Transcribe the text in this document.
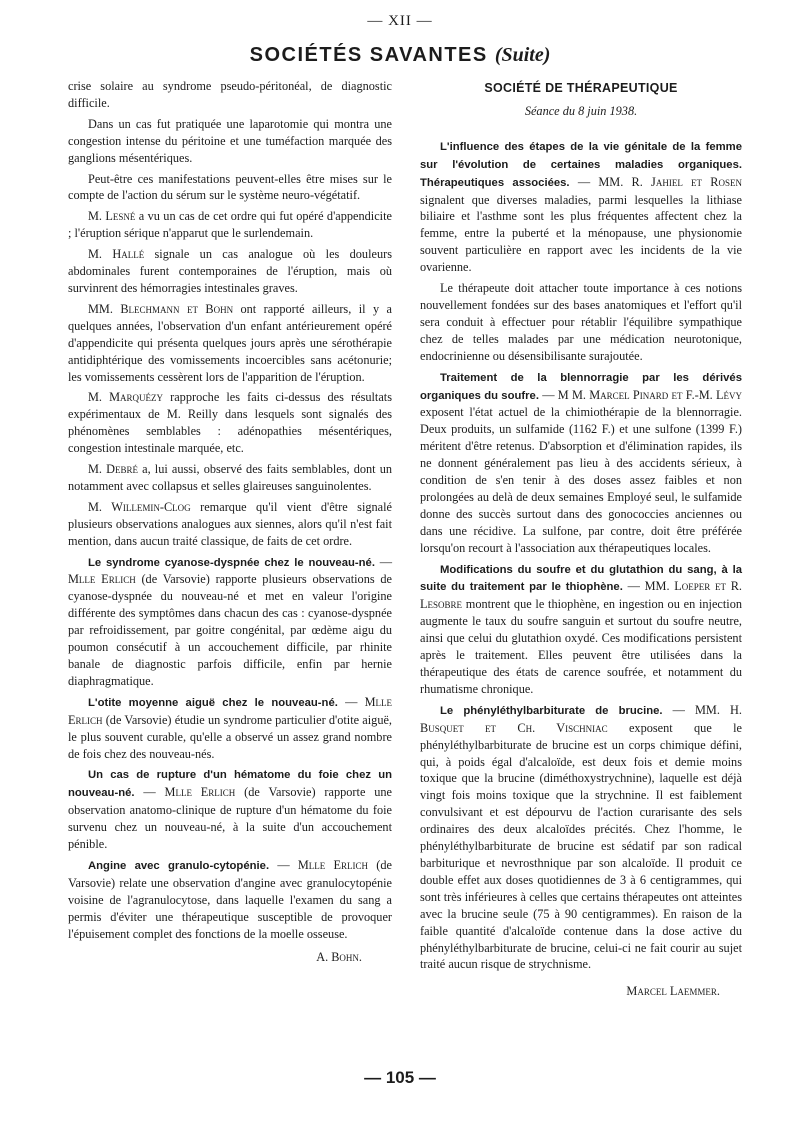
— XII —
SOCIÉTÉS SAVANTES (Suite)

crise solaire au syndrome pseudo-péritonéal, de diagnostic difficile.

Dans un cas fut pratiquée une laparotomie qui montra une congestion intense du péritoine et une tuméfaction marquée des ganglions mésentériques.

Peut-être ces manifestations peuvent-elles être mises sur le compte de l'action du sérum sur le système neuro-végétatif.

M. Lesné a vu un cas de cet ordre qui fut opéré d'appendicite ; l'éruption sérique n'apparut que le surlendemain.

M. Hallé signale un cas analogue où les douleurs abdominales furent contemporaines de l'éruption, mais où survinrent des hémorragies intestinales graves.

MM. Blechmann et Bohn ont rapporté ailleurs, il y a quelques années, l'observation d'un enfant antérieurement opéré d'appendicite qui présenta quelques jours après une sérothérapie antidiphtérique des vomissements incoercibles sans acétonurie; les vomissements cessèrent lors de l'apparition de l'éruption.

M. Marquézy rapproche les faits ci-dessus des résultats expérimentaux de M. Reilly dans lesquels sont signalés des phénomènes semblables : adénopathies mésentériques, congestion intestinale marquée, etc.

M. Debré a, lui aussi, observé des faits semblables, dont un notamment avec collapsus et selles glaireuses sanguinolentes.

M. Willemin-Clog remarque qu'il vient d'être signalé plusieurs observations analogues aux siennes, alors qu'il n'est fait mention, dans aucun traité classique, de faits de cet ordre.

Le syndrome cyanose-dyspnée chez le nouveau-né. — Mlle Erlich (de Varsovie) rapporte plusieurs observations de cyanose-dyspnée du nouveau-né et met en valeur l'origine différente des symptômes dans chacun des cas : cyanose-dyspnée par refroidissement, par goitre congénital, par œdème aigu du poumon consécutif à un accouchement difficile, par rhinite banale de diagnostic parfois difficile, enfin par hernie diaphragmatique.

L'otite moyenne aiguë chez le nouveau-né. — Mlle Erlich (de Varsovie) étudie un syndrome particulier d'otite aiguë, le plus souvent curable, qu'elle a observé un assez grand nombre de fois chez des nouveau-nés.

Un cas de rupture d'un hématome du foie chez un nouveau-né. — Mlle Erlich (de Varsovie) rapporte une observation anatomo-clinique de rupture d'un hématome du foie survenu chez un nouveau-né, à la suite d'un accouchement pénible.

Angine avec granulo-cytopénie. — Mlle Erlich (de Varsovie) relate une observation d'angine avec granulocytopénie voisine de l'agranulocytose, dans laquelle l'examen du sang a permis d'éviter une thérapeutique susceptible de provoquer l'épuisement complet des fonctions de la moelle osseuse.

A. Bohn.
SOCIÉTÉ DE THÉRAPEUTIQUE
Séance du 8 juin 1938.

L'influence des étapes de la vie génitale de la femme sur l'évolution de certaines maladies organiques. Thérapeutiques associées. — MM. R. Jahiel et Rosen signalent que diverses maladies, parmi lesquelles la lithiase biliaire et l'asthme sont les plus fréquentes affectent chez la femme, entre la puberté et la ménopause, une physionomie souvent particulière en rapport avec les incidents de la vie ovarienne.

Le thérapeute doit attacher toute importance à ces notions nouvellement fondées sur des bases anatomiques et l'effort qu'il sera conduit à effectuer pour rétablir l'équilibre sympathique chez de telles malades par une médication neurotonique, endocrinienne ou désensibilisante surajoutée.

Traitement de la blennorragie par les dérivés organiques du soufre. — M M. Marcel Pinard et F.-M. Lévy exposent l'état actuel de la chimiothérapie de la blennorragie. Deux produits, un sulfamide (1162 F.) et une sulfone (1399 F.) méritent d'être retenus. D'absorption et d'élimination rapides, ils ne donnent généralement pas lieu à des accidents sérieux, à condition de s'en tenir à des doses assez faibles et non prolongées au delà de deux semaines Employé seul, le sulfamide donne des succès surtout dans des gonococcies anciennes ou dans une récidive. La sulfone, par contre, doit être préférée lorsqu'on recourt à l'association aux thérapeutiques locales.

Modifications du soufre et du glutathion du sang, à la suite du traitement par le thiophène. — MM. Loeper et R. Lesobre montrent que le thiophène, en ingestion ou en injection augmente le taux du soufre sanguin et surtout du soufre neutre, ainsi que celui du glutathion oxydé. Ces modifications persistent après le traitement. Elles peuvent être utilisées dans la thérapeutique des états de carence soufrée, et notamment du rhumatisme chronique.

Le phényléthylbarbiturate de brucine. — MM. H. Busquet et Ch. Vischniac exposent que le phényléthylbarbiturate de brucine est un corps chimique défini, qui, à poids égal d'alcaloïde, est deux fois et demie moins toxique que la brucine (diméthoxystrychnine), laquelle est déjà vingt fois moins toxique que la strychnine. Il est faiblement convulsivant et est dépourvu de l'action curarisante des sels ordinaires des deux alcaloïdes précités. Chez l'homme, le phényléthylbarbiturate de brucine est sédatif par son radical barbiturique et nevrosthnique par son alcaloïde. Il produit ce double effet aux doses quotidiennes de 3 à 6 centigrammes, qui sont très inférieures à celles que certains thérapeutes ont atteintes avec la brucine seule (75 à 90 centigrammes). En raison de la faible quantité d'alcaloïde contenue dans la dose active du phényléthylbarbiturate de brucine, celui-ci ne fait courir au sujet traité aucun risque de strychnisme.

Marcel Laemmer.
— 105 —
